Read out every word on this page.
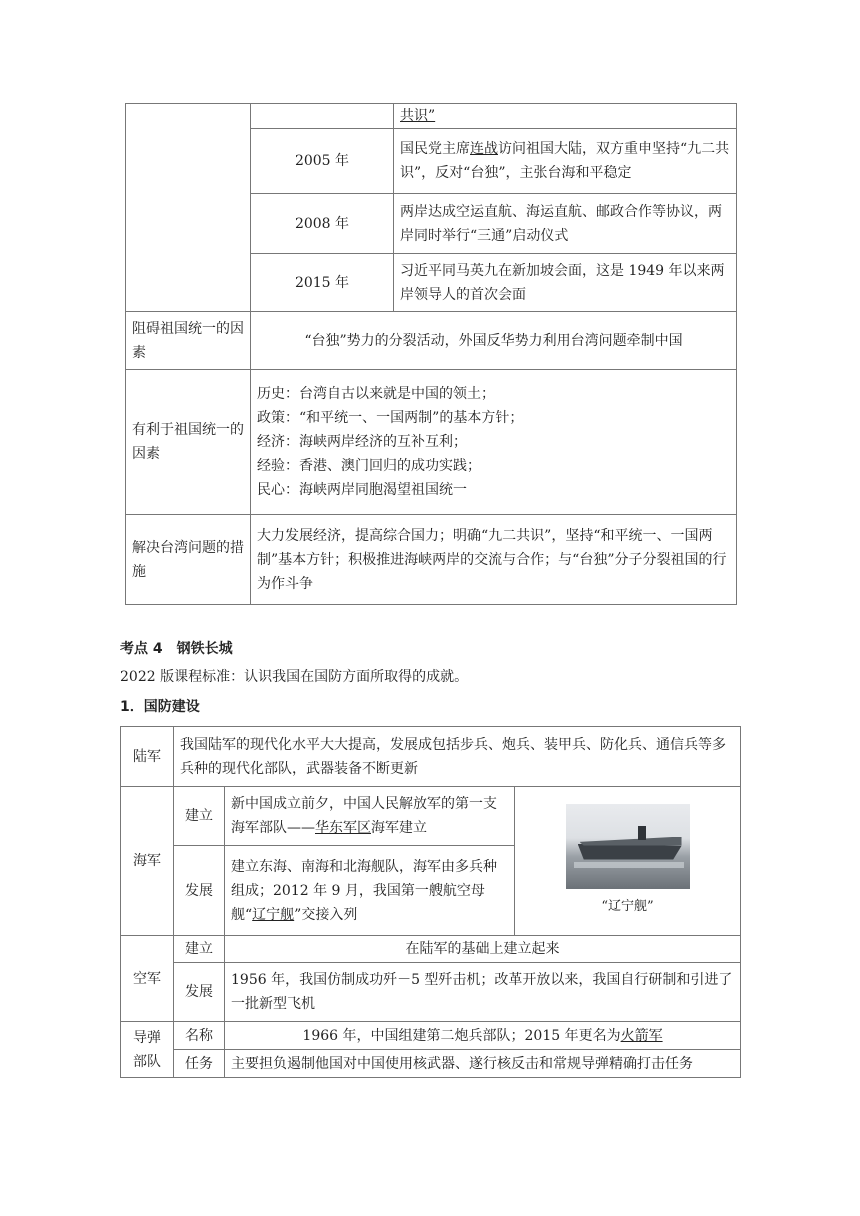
		共识”
	2005 年	国民党主席连战访问祖国大陆，双方重申坚持“九二共识”，反对“台独”，主张台海和平稳定
	2008 年	两岸达成空运直航、海运直航、邮政合作等协议，两岸同时举行“三通”启动仪式
	2015 年	习近平同马英九在新加坡会面，这是 1949 年以来两岸领导人的首次会面
阻碍祖国统一的因素	“台独”势力的分裂活动，外国反华势力利用台湾问题牵制中国	
有利于祖国统一的因素	历史：台湾自古以来就是中国的领土；
政策：“和平统一、一国两制”的基本方针；
经济：海峡两岸经济的互补互利；
经验：香港、澳门回归的成功实践；
民心：海峡两岸同胞渴望祖国统一	

解决台湾问题的措施	大力发展经济，提高综合国力；明确“九二共识”，坚持“和平统一、一国两制”基本方针；积极推进海峡两岸的交流与合作；与“台独”分子分裂祖国的行为作斗争	
考点 4　钢铁长城
2022 版课程标准：认识我国在国防方面所取得的成就。
1．国防建设
陆军	我国陆军的现代化水平大大提高，发展成包括步兵、炮兵、装甲兵、防化兵、通信兵等多兵种的现代化部队，武器装备不断更新		
海军	建立	新中国成立前夕，中国人民解放军的第一支海军部队——华东军区海军建立	“辽宁舰”

	发展	建立东海、南海和北海舰队，海军由多兵种组成；2012 年 9 月，我国第一艘航空母舰“辽宁舰”交接入列	
空军	建立	在陆军的基础上建立起来	
	发展	1956 年，我国仿制成功歼－5 型歼击机；改革开放以来，我国自行研制和引进了一批新型飞机	
导弹部队	名称	1966 年，中国组建第二炮兵部队；2015 年更名为火箭军	
	任务	主要担负遏制他国对中国使用核武器、遂行核反击和常规导弹精确打击任务	
